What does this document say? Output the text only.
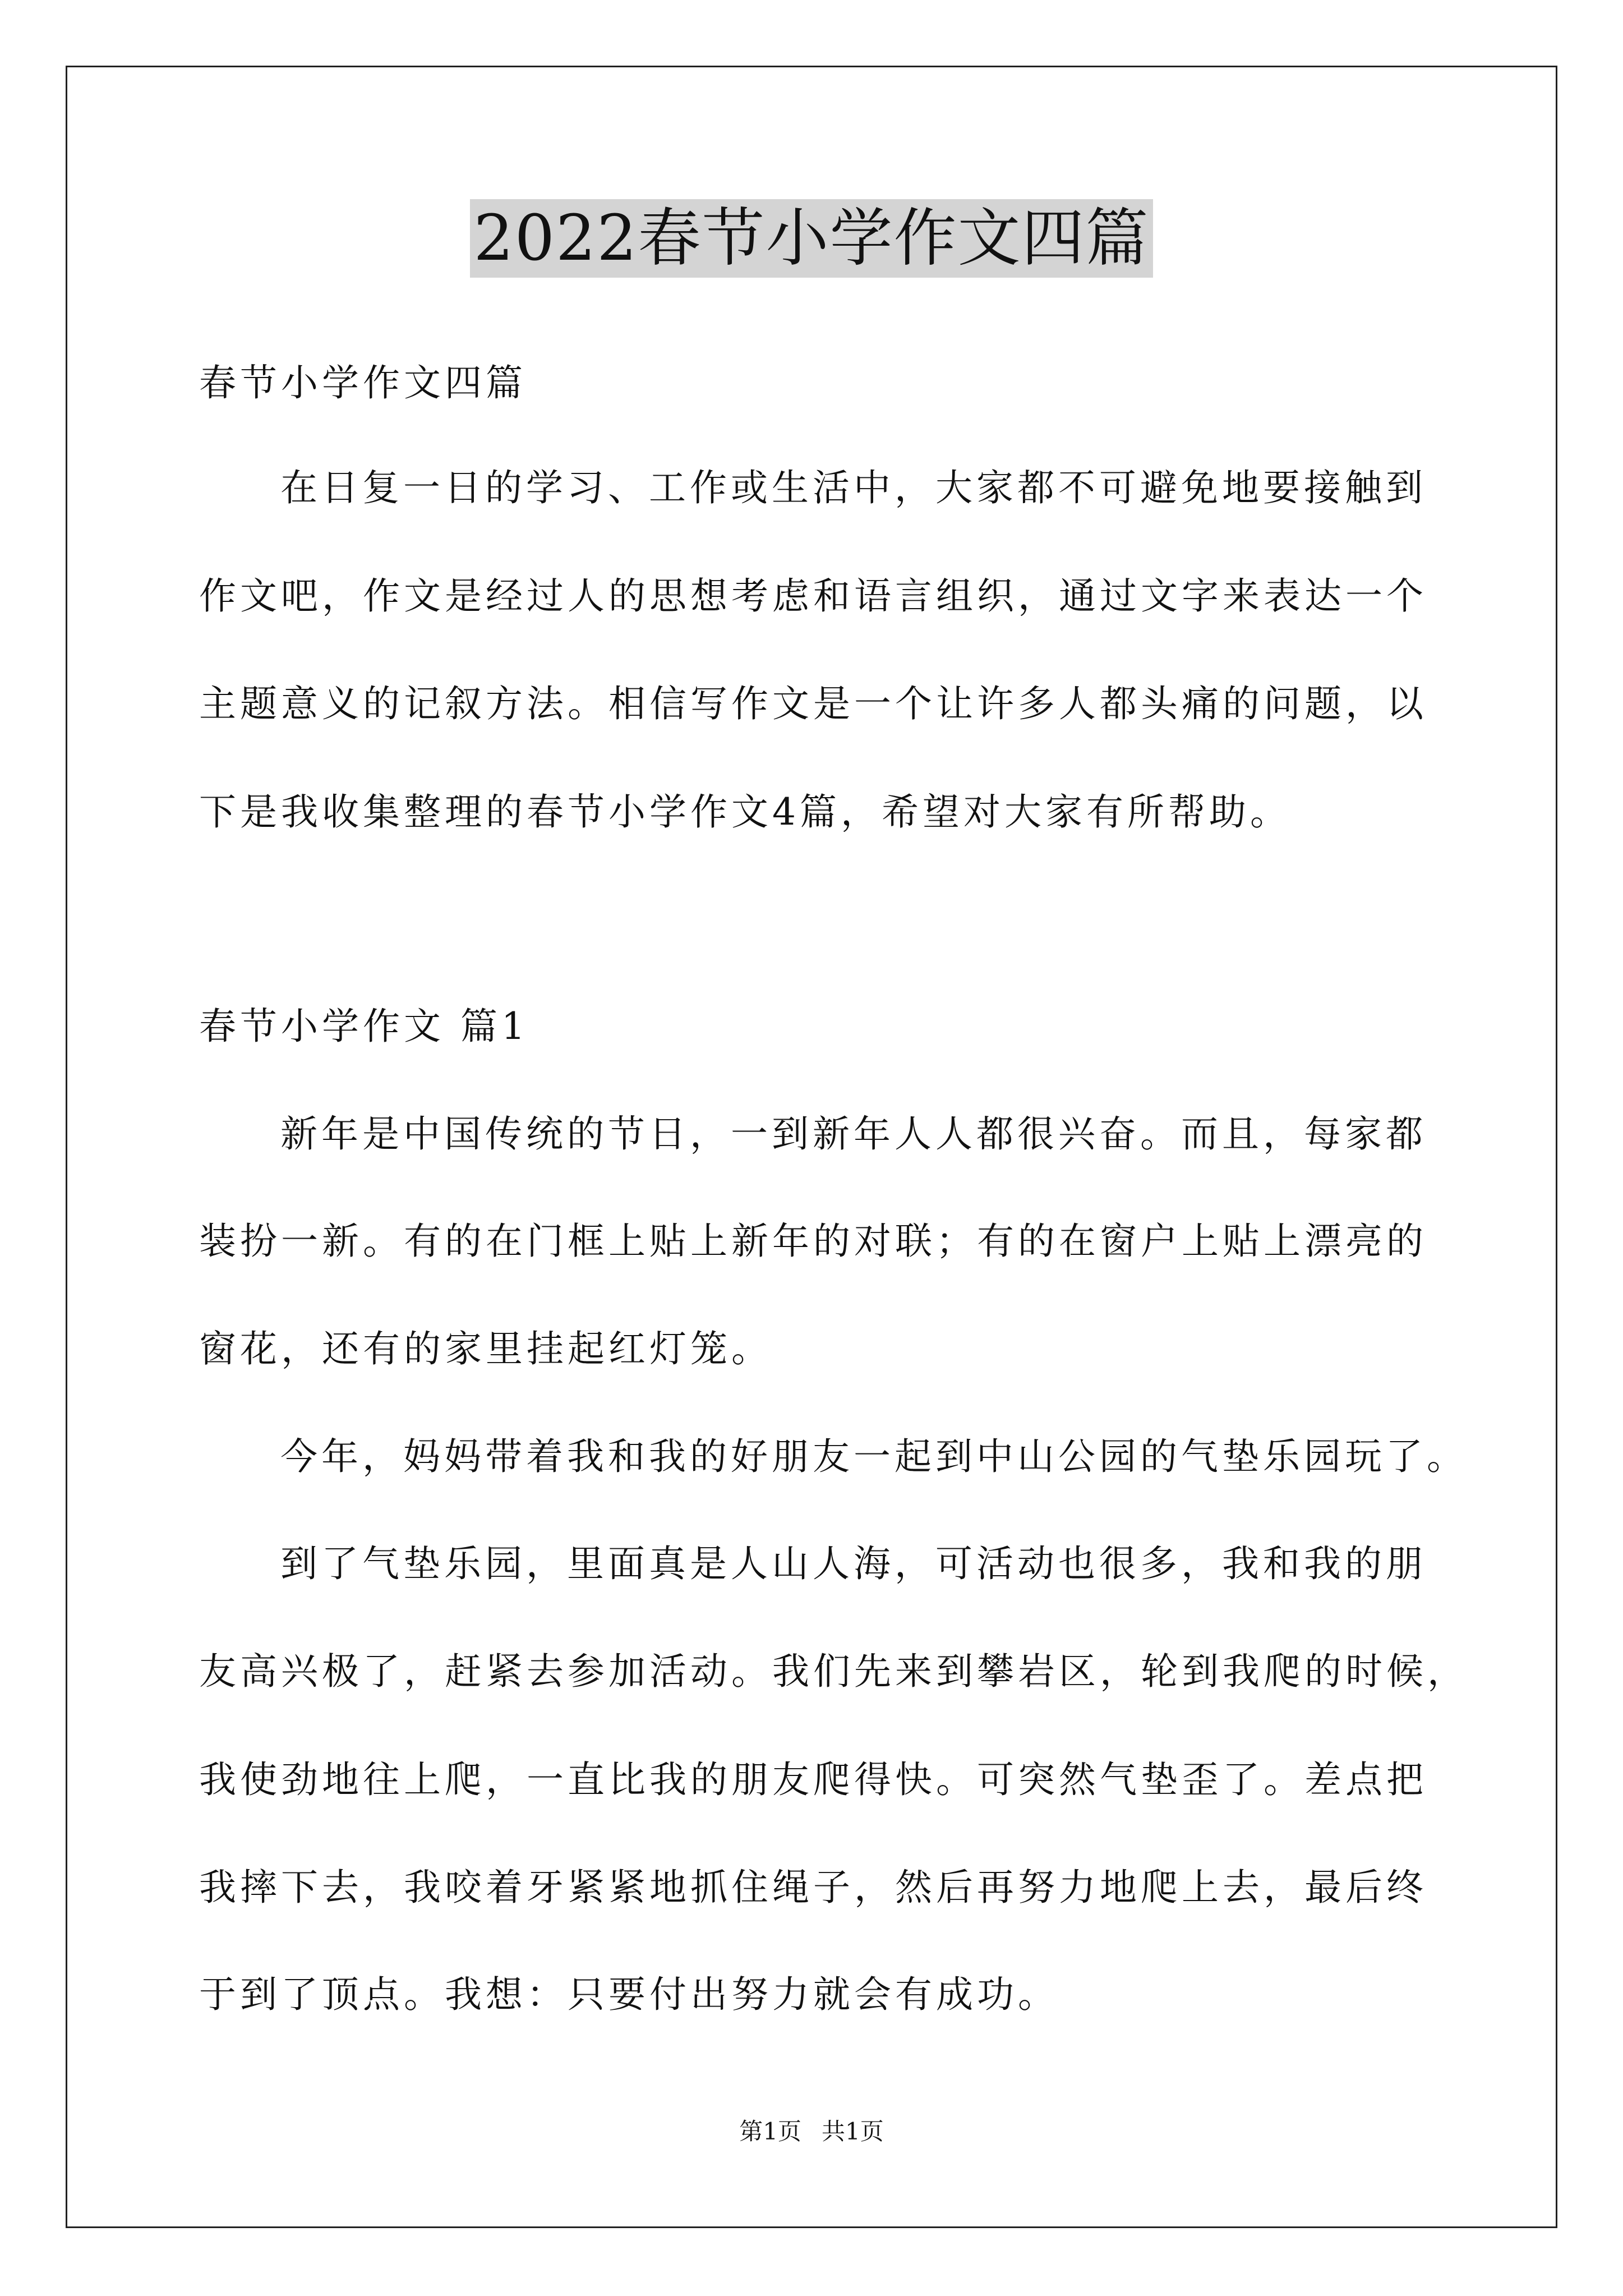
2022春节小学作文四篇
春节小学作文四篇
在日复一日的学习、工作或生活中，大家都不可避免地要接触到
作文吧，作文是经过人的思想考虑和语言组织，通过文字来表达一个
主题意义的记叙方法。相信写作文是一个让许多人都头痛的问题，以
下是我收集整理的春节小学作文4篇，希望对大家有所帮助。
春节小学作文 篇1
新年是中国传统的节日，一到新年人人都很兴奋。而且，每家都
装扮一新。有的在门框上贴上新年的对联；有的在窗户上贴上漂亮的
窗花，还有的家里挂起红灯笼。
今年，妈妈带着我和我的好朋友一起到中山公园的气垫乐园玩了。
到了气垫乐园，里面真是人山人海，可活动也很多，我和我的朋
友高兴极了，赶紧去参加活动。我们先来到攀岩区，轮到我爬的时候，
我使劲地往上爬，一直比我的朋友爬得快。可突然气垫歪了。差点把
我摔下去，我咬着牙紧紧地抓住绳子，然后再努力地爬上去，最后终
于到了顶点。我想：只要付出努力就会有成功。
第1页 共1页
